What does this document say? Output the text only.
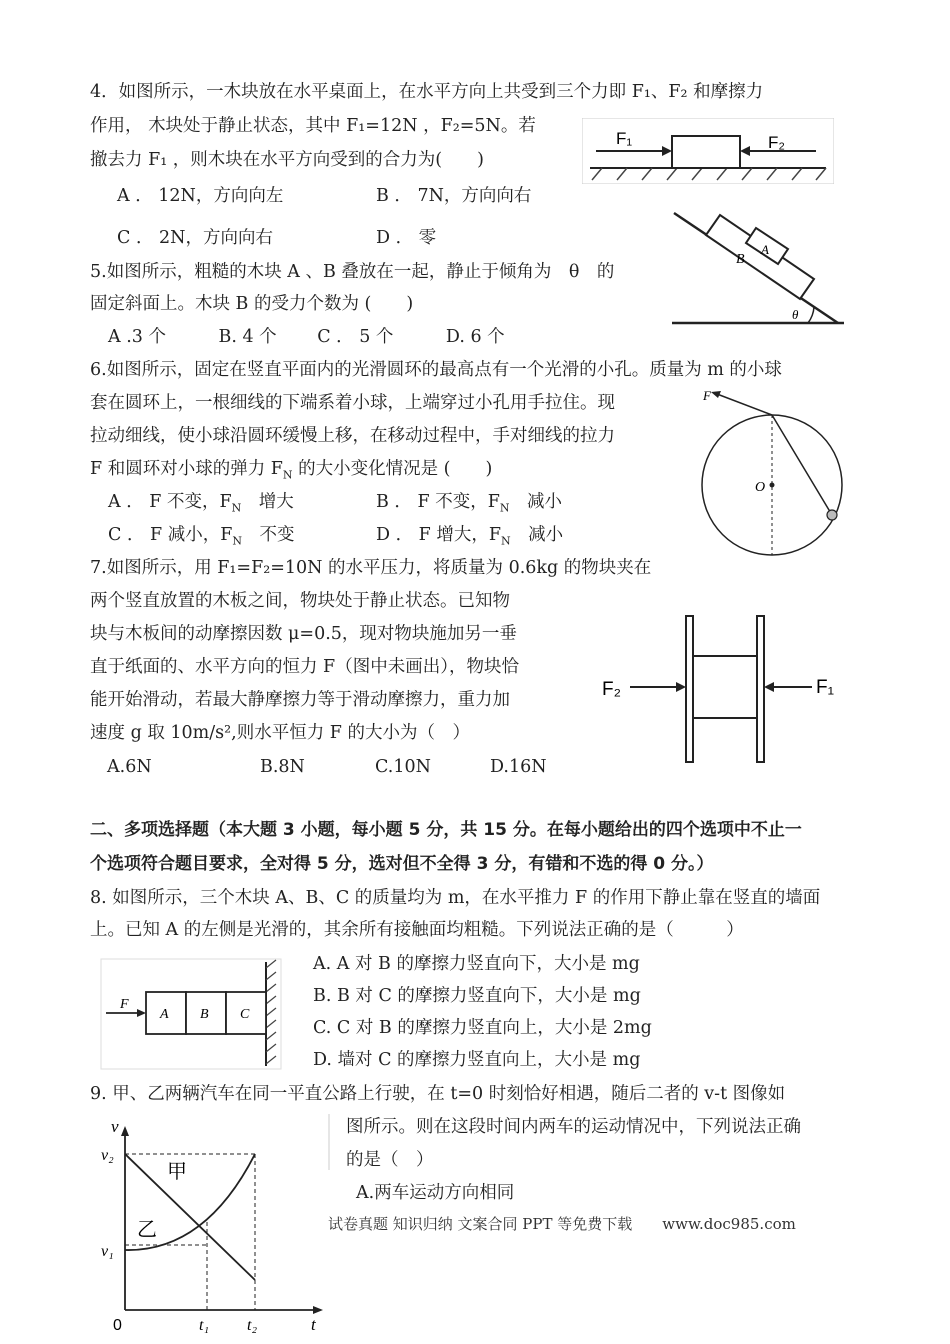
4．如图所示，一木块放在水平桌面上，在水平方向上共受到三个力即 F₁、F₂ 和摩擦力
作用， 木块处于静止状态，其中 F₁=12N ，F₂=5N。若
撤去力 F₁ ，则木块在水平方向受到的合力为(　　)
A ． 12N，方向向左	B ． 7N，方向向右
C ． 2N，方向向右	D ． 零
F₁	F₂
5.如图所示，粗糙的木块 A 、B 叠放在一起，静止于倾角为　θ　的
固定斜面上。木块 B 的受力个数为 (　　)
A .3 个　　　B. 4 个　　 C ． 5 个　　　D. 6 个
A
B
θ
6.如图所示，固定在竖直平面内的光滑圆环的最高点有一个光滑的小孔。质量为 m 的小球
套在圆环上，一根细线的下端系着小球，上端穿过小孔用手拉住。现
拉动细线，使小球沿圆环缓慢上移，在移动过程中，手对细线的拉力
F 和圆环对小球的弹力 $F_N$ 的大小变化情况是 (　　)
A ． F 不变，$F_N$　增大	B ． F 不变，$F_N$　减小
C ． F 减小，$F_N$　不变	D ． F 增大，$F_N$　减小
F
O
7.如图所示，用 F₁=F₂=10N 的水平压力，将质量为 0.6kg 的物块夹在
两个竖直放置的木板之间，物块处于静止状态。已知物
块与木板间的动摩擦因数 μ=0.5，现对物块施加另一垂
直于纸面的、水平方向的恒力 F（图中未画出），物块恰
能开始滑动，若最大静摩擦力等于滑动摩擦力，重力加
速度 g 取 10m/s²,则水平恒力 F 的大小为（　）
A.6N	B.8N	C.10N	D.16N
F₂	F₁
二、多项选择题（本大题 3 小题，每小题 5 分，共 15 分。在每小题给出的四个选项中不止一
个选项符合题目要求，全对得 5 分，选对但不全得 3 分，有错和不选的得 0 分。）
8. 如图所示，三个木块 A、B、C 的质量均为 m，在水平推力 F 的作用下静止靠在竖直的墙面
上。已知 A 的左侧是光滑的，其余所有接触面均粗糙。下列说法正确的是（　　　）
A. A 对 B 的摩擦力竖直向下，大小是 mg
B. B 对 C 的摩擦力竖直向下，大小是 mg
C. C 对 B 的摩擦力竖直向上，大小是 2mg
D. 墙对 C 的摩擦力竖直向上，大小是 mg
F
A B C
9. 甲、乙两辆汽车在同一平直公路上行驶，在 t=0 时刻恰好相遇，随后二者的 v-t 图像如
图所示。则在这段时间内两车的运动情况中，下列说法正确
的是（　）
A.两车运动方向相同
v
v₂
v₁
0	t₁ t₂	t
甲
乙	试卷真题 知识归纳 文案合同 PPT 等免费下载　　www.doc985.com
